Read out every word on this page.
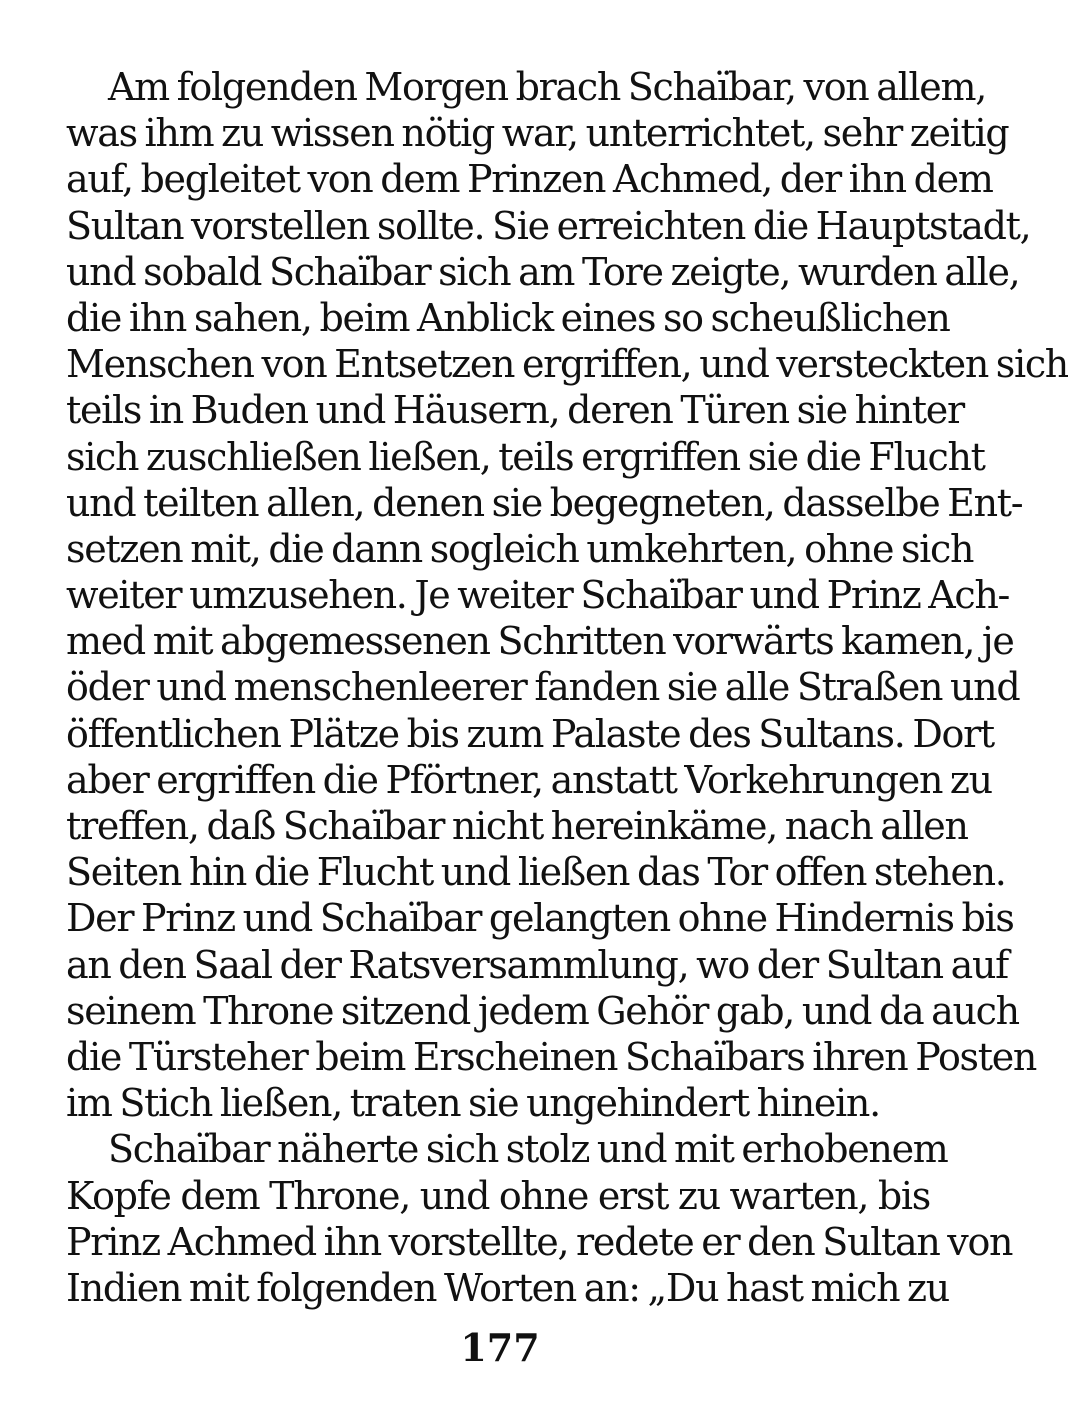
Am folgenden Morgen brach Schaïbar, von allem,
was ihm zu wissen nötig war, unterrichtet, sehr zeitig
auf, begleitet von dem Prinzen Achmed, der ihn dem
Sultan vorstellen sollte. Sie erreichten die Hauptstadt,
und sobald Schaïbar sich am Tore zeigte, wurden alle,
die ihn sahen, beim Anblick eines so scheußlichen
Menschen von Entsetzen ergriffen, und versteckten sich
teils in Buden und Häusern, deren Türen sie hinter
sich zuschließen ließen, teils ergriffen sie die Flucht
und teilten allen, denen sie begegneten, dasselbe Ent-
setzen mit, die dann sogleich umkehrten, ohne sich
weiter umzusehen. Je weiter Schaïbar und Prinz Ach-
med mit abgemessenen Schritten vorwärts kamen, je
öder und menschenleerer fanden sie alle Straßen und
öffentlichen Plätze bis zum Palaste des Sultans. Dort
aber ergriffen die Pförtner, anstatt Vorkehrungen zu
treffen, daß Schaïbar nicht hereinkäme, nach allen
Seiten hin die Flucht und ließen das Tor offen stehen.
Der Prinz und Schaïbar gelangten ohne Hindernis bis
an den Saal der Ratsversammlung, wo der Sultan auf
seinem Throne sitzend jedem Gehör gab, und da auch
die Türsteher beim Erscheinen Schaïbars ihren Posten
im Stich ließen, traten sie ungehindert hinein.
Schaïbar näherte sich stolz und mit erhobenem
Kopfe dem Throne, und ohne erst zu warten, bis
Prinz Achmed ihn vorstellte, redete er den Sultan von
Indien mit folgenden Worten an: „Du hast mich zu
177
